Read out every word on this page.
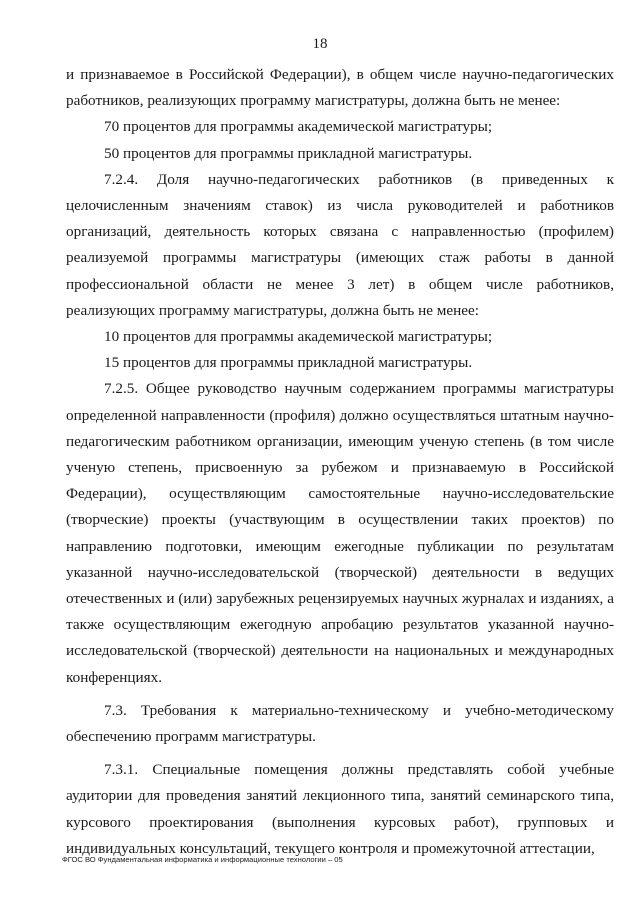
18

и признаваемое в Российской Федерации), в общем числе научно-педагогических работников, реализующих программу магистратуры, должна быть не менее:

70 процентов для программы академической магистратуры;

50 процентов для программы прикладной магистратуры.

7.2.4. Доля научно-педагогических работников (в приведенных к целочисленным значениям ставок) из числа руководителей и работников организаций, деятельность которых связана с направленностью (профилем) реализуемой программы магистратуры (имеющих стаж работы в данной профессиональной области не менее 3 лет) в общем числе работников, реализующих программу магистратуры, должна быть не менее:

10 процентов для программы академической магистратуры;

15 процентов для программы прикладной магистратуры.

7.2.5. Общее руководство научным содержанием программы магистратуры определенной направленности (профиля) должно осуществляться штатным научно-педагогическим работником организации, имеющим ученую степень (в том числе ученую степень, присвоенную за рубежом и признаваемую в Российской Федерации), осуществляющим самостоятельные научно-исследовательские (творческие) проекты (участвующим в осуществлении таких проектов) по направлению подготовки, имеющим ежегодные публикации по результатам указанной научно-исследовательской (творческой) деятельности в ведущих отечественных и (или) зарубежных рецензируемых научных журналах и изданиях, а также осуществляющим ежегодную апробацию результатов указанной научно-исследовательской (творческой) деятельности на национальных и международных конференциях.

7.3. Требования к материально-техническому и учебно-методическому обеспечению программ магистратуры.

7.3.1. Специальные помещения должны представлять собой учебные аудитории для проведения занятий лекционного типа, занятий семинарского типа, курсового проектирования (выполнения курсовых работ), групповых и индивидуальных консультаций, текущего контроля и промежуточной аттестации,

ФГОС ВО Фундаментальная информатика и информационные технологии – 05
